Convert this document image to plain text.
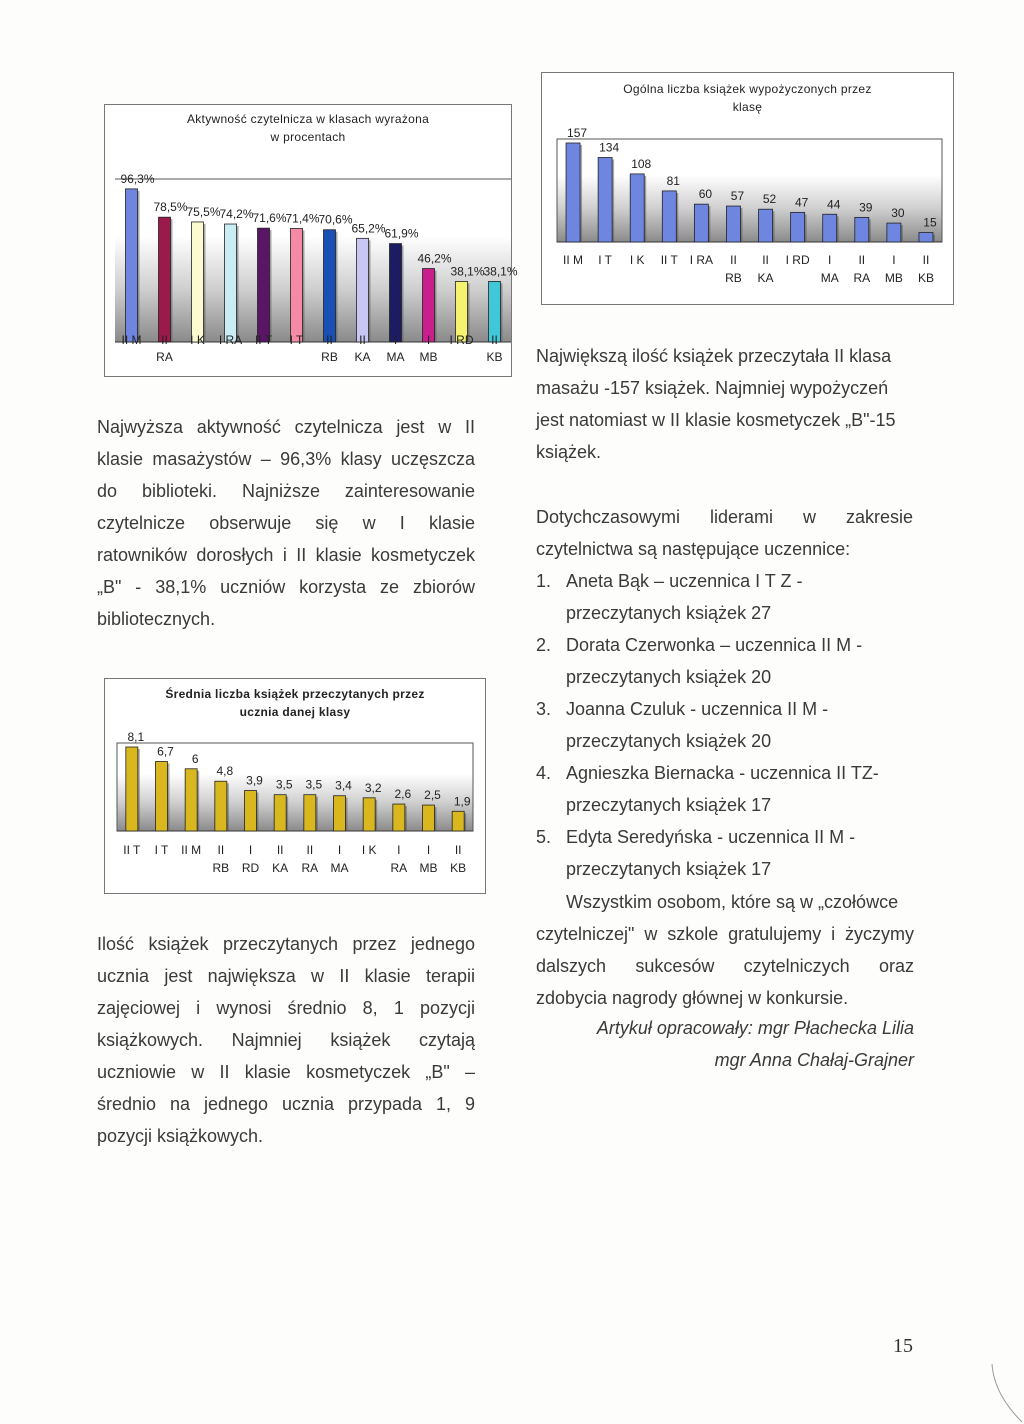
Aktywność czytelnicza w klasach wyrażona
w procentach
96,3%
II M
78,5%
II
RA
75,5%
I K
74,2%
I RA
71,6%
II T
71,4%
I T
70,6%
II
RB
65,2%
II
KA
61,9%
I
MA
46,2%
I
MB
38,1%
I RD
38,1%
II
KB
Ogólna liczba książek wypożyczonych przez
klasę
157
II M
134
I T
108
I K
81
II T
60
I RA
57
II
RB
52
II
KA
47
I RD
44
I
MA
39
II
RA
30
I
MB
15
II
KB
Średnia liczba książek przeczytanych przez
ucznia danej klasy
8,1
II T
6,7
I T
6
II M
4,8
II
RB
3,9
I
RD
3,5
II
KA
3,5
II
RA
3,4
I
MA
3,2
I K
2,6
I
RA
2,5
I
MB
1,9
II
KB
Najwyższa aktywność czytelnicza jest w II
klasie masażystów – 96,3% klasy uczęszcza
do biblioteki. Najniższe zainteresowanie
czytelnicze obserwuje się w I klasie
ratowników dorosłych i II klasie kosmetyczek
„B" - 38,1% uczniów korzysta ze zbiorów
bibliotecznych.
Ilość książek przeczytanych przez jednego
ucznia jest największa w II klasie terapii
zajęciowej i wynosi średnio 8, 1 pozycji
książkowych. Najmniej książek czytają
uczniowie w II klasie kosmetyczek „B" –
średnio na jednego ucznia przypada 1, 9
pozycji książkowych.
Największą ilość książek przeczytała II klasa
masażu -157 książek. Najmniej wypożyczeń
jest natomiast w II klasie kosmetyczek „B"-15
książek.
Dotychczasowymi liderami w zakresie
czytelnictwa są następujące uczennice:
1. Aneta Bąk – uczennica I T Z -
przeczytanych książek 27
2. Dorata Czerwonka – uczennica II M -
przeczytanych książek 20
3. Joanna Czuluk - uczennica II M -
przeczytanych książek 20
4. Agnieszka Biernacka - uczennica II TZ-
przeczytanych książek 17
5. Edyta Seredyńska - uczennica II M -
przeczytanych książek 17
Wszystkim osobom, które są w „czołówce
czytelniczej" w szkole gratulujemy i życzymy
dalszych sukcesów czytelniczych oraz
zdobycia nagrody głównej w konkursie.
Artykuł opracowały: mgr Płachecka Lilia
mgr Anna Chałaj-Grajner
15
